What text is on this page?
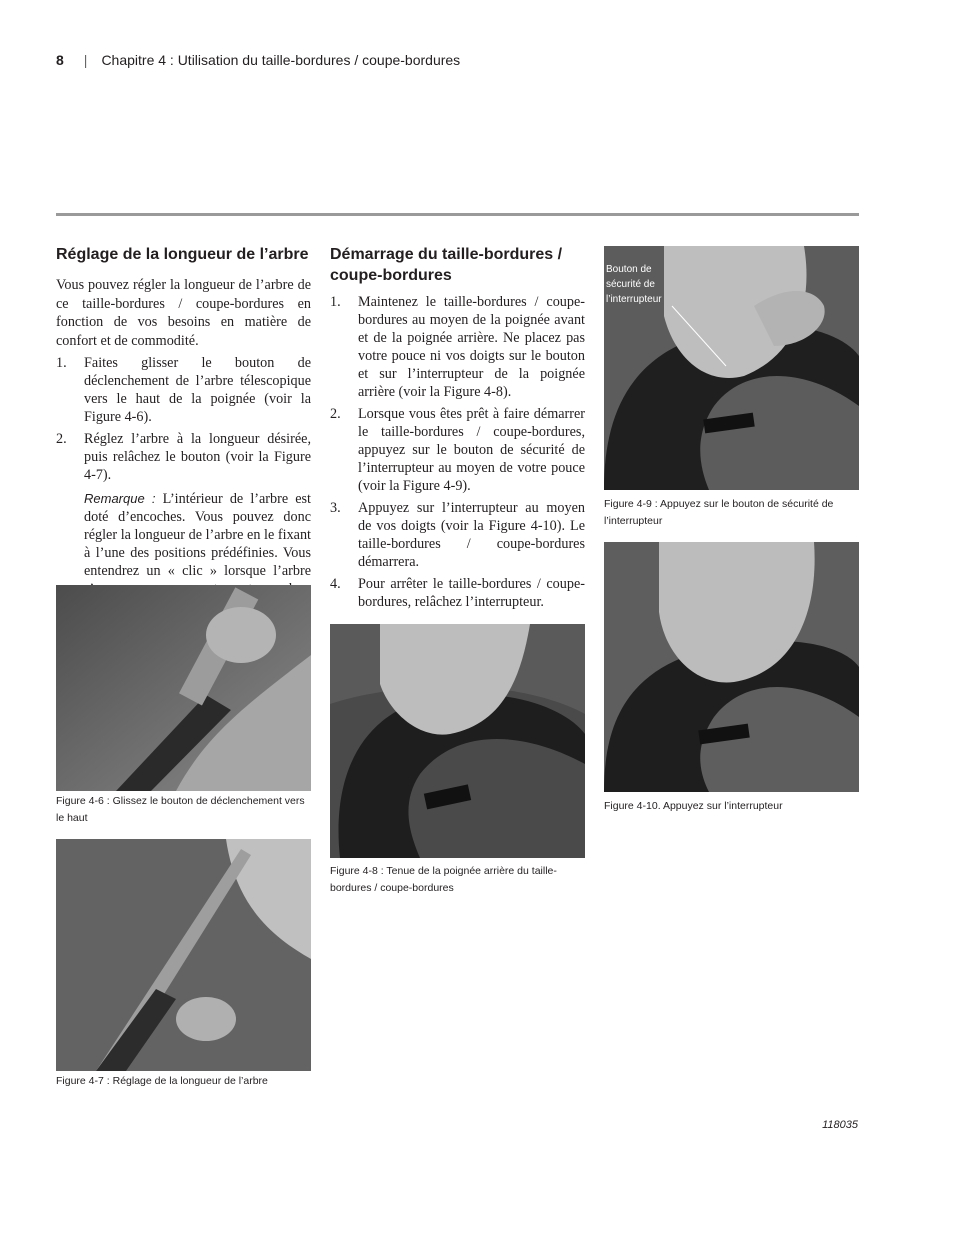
8 | Chapitre 4 : Utilisation du taille-bordures / coupe-bordures
Réglage de la longueur de l’arbre

Vous pouvez régler la longueur de l’arbre de ce taille-bordures / coupe-bordures en fonction de vos besoins en matière de confort et de commodité.

1. Faites glisser le bouton de déclenchement de l’arbre télescopique vers le haut de la poignée (voir la Figure 4-6).
2. Réglez l’arbre à la longueur désirée, puis relâchez le bouton (voir la Figure 4-7).
Remarque : L’intérieur de l’arbre est doté d’encoches. Vous pouvez donc régler la longueur de l’arbre en le fixant à l’une des positions prédéfinies. Vous entendrez un « clic » lorsque l’arbre
Figure 4-6 : Glissez le bouton de déclenchement vers le haut
Figure 4-7 : Réglage de la longueur de l’arbre
Démarrage du taille-bordures / coupe-bordures
1. Maintenez le taille-bordures / coupe-bordures au moyen de la poignée avant et de la poignée arrière. Ne placez pas votre pouce ni vos doigts sur le bouton et sur l’interrupteur de la poignée arrière (voir la Figure 4-8).
2. Lorsque vous êtes prêt à faire démarrer le taille-bordures / coupe-bordures, appuyez sur le bouton de sécurité de l’interrupteur au moyen de votre pouce (voir la Figure 4-9).
3. Appuyez sur l’interrupteur au moyen de vos doigts (voir la Figure 4-10). Le taille-bordures / coupe-bordures démarrera.
4. Pour arrêter le taille-bordures / coupe-bordures, relâchez l’interrupteur.
Figure 4-8 : Tenue de la poignée arrière du taille-bordures / coupe-bordures
Bouton de sécurité de l’interrupteur
Figure 4-9 : Appuyez sur le bouton de sécurité de l’interrupteur
Figure 4-10. Appuyez sur l’interrupteur
118035
